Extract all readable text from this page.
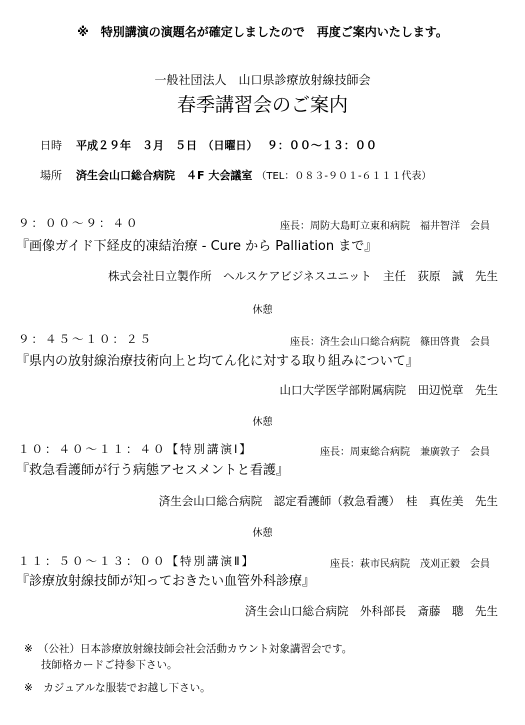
※　特別講演の演題名が確定しましたので　再度ご案内いたします。
一般社団法人　山口県診療放射線技師会
春季講習会のご案内
日時 平成２９年　３月　５日　（日曜日）　 ９：００～１３：００
場所 済生会山口総合病院　４F 大会議室 （TEL：０８３-９０１-６１１１代表）
９：００～９：４０	座長：周防大島町立東和病院　福井智洋　会員
『画像ガイド下経皮的凍結治療 - Cure から Palliation まで』
株式会社日立製作所　ヘルスケアビジネスユニット　主任　荻原　誠　先生
休憩
９：４５～１０：２５	座長：済生会山口総合病院　篠田啓貴　会員
『県内の放射線治療技術向上と均てん化に対する取り組みについて』
山口大学医学部附属病院　田辺悦章　先生
休憩
１０：４０～１１：４０【特別講演Ⅰ】	座長：周東総合病院　兼廣敦子　会員
『救急看護師が行う病態アセスメントと看護』
済生会山口総合病院　認定看護師（救急看護）　桂　真佐美　先生
休憩
１１：５０～１３：００【特別講演Ⅱ】	座長：萩市民病院　茂刈正毅　会員
『診療放射線技師が知っておきたい血管外科診療』
済生会山口総合病院　外科部長　斎藤　聰　先生
※　（公社）日本診療放射線技師会社会活動カウント対象講習会です。
技師格カードご持参下さい。
※　カジュアルな服装でお越し下さい。
